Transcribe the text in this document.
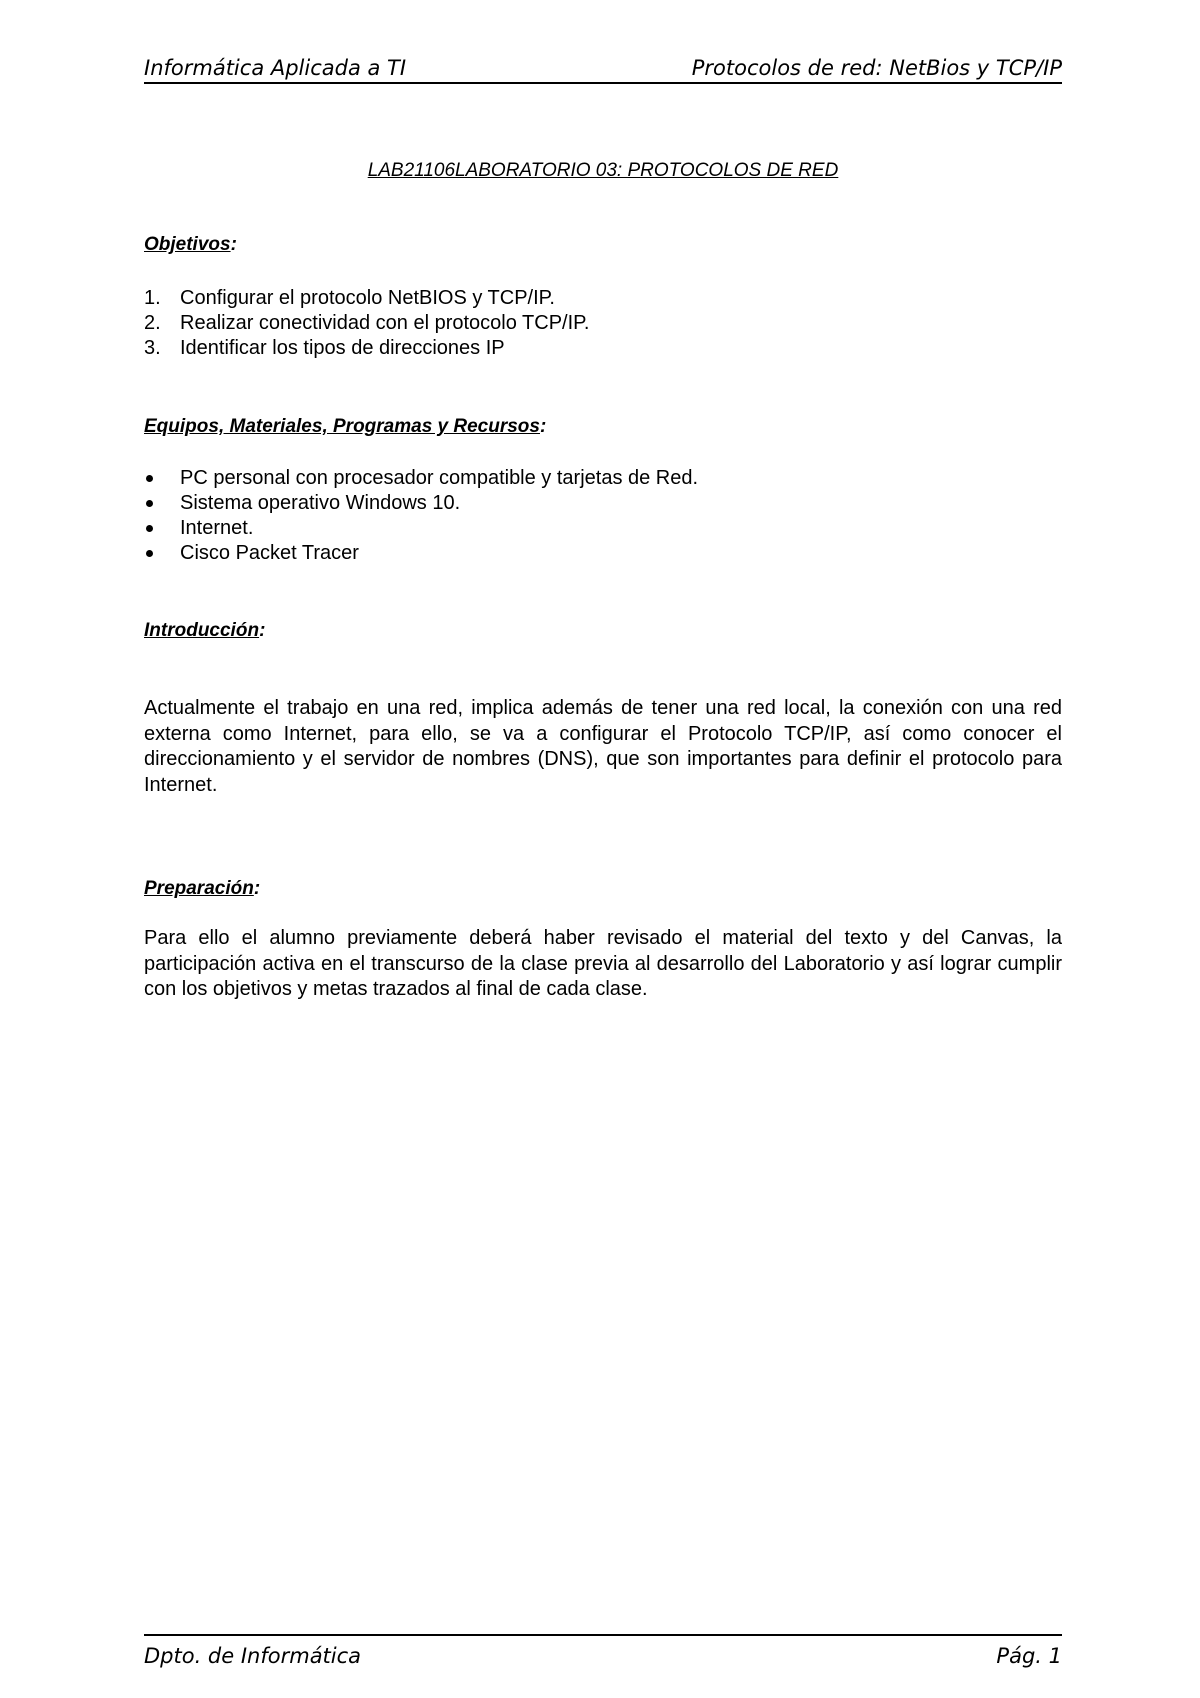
Informática Aplicada a TI	Protocolos de red: NetBios y TCP/IP
LAB21106LABORATORIO 03: PROTOCOLOS DE RED
Objetivos:
1. Configurar el protocolo NetBIOS y TCP/IP.
2. Realizar conectividad con el protocolo TCP/IP.
3. Identificar los tipos de direcciones IP
Equipos, Materiales, Programas y Recursos:
PC personal con procesador compatible y tarjetas de Red.
Sistema operativo Windows 10.
Internet.
Cisco Packet Tracer
Introducción:

Actualmente el trabajo en una red, implica además de tener una red local, la conexión con una red externa como Internet, para ello, se va a configurar el Protocolo TCP/IP, así como conocer el direccionamiento y el servidor de nombres (DNS), que son importantes para definir el protocolo para Internet.

Preparación:

Para ello el alumno previamente deberá haber revisado el material del texto y del Canvas, la participación activa en el transcurso de la clase previa al desarrollo del Laboratorio y así lograr cumplir con los objetivos y metas trazados al final de cada clase.

Dpto. de Informática	Pág. 1
